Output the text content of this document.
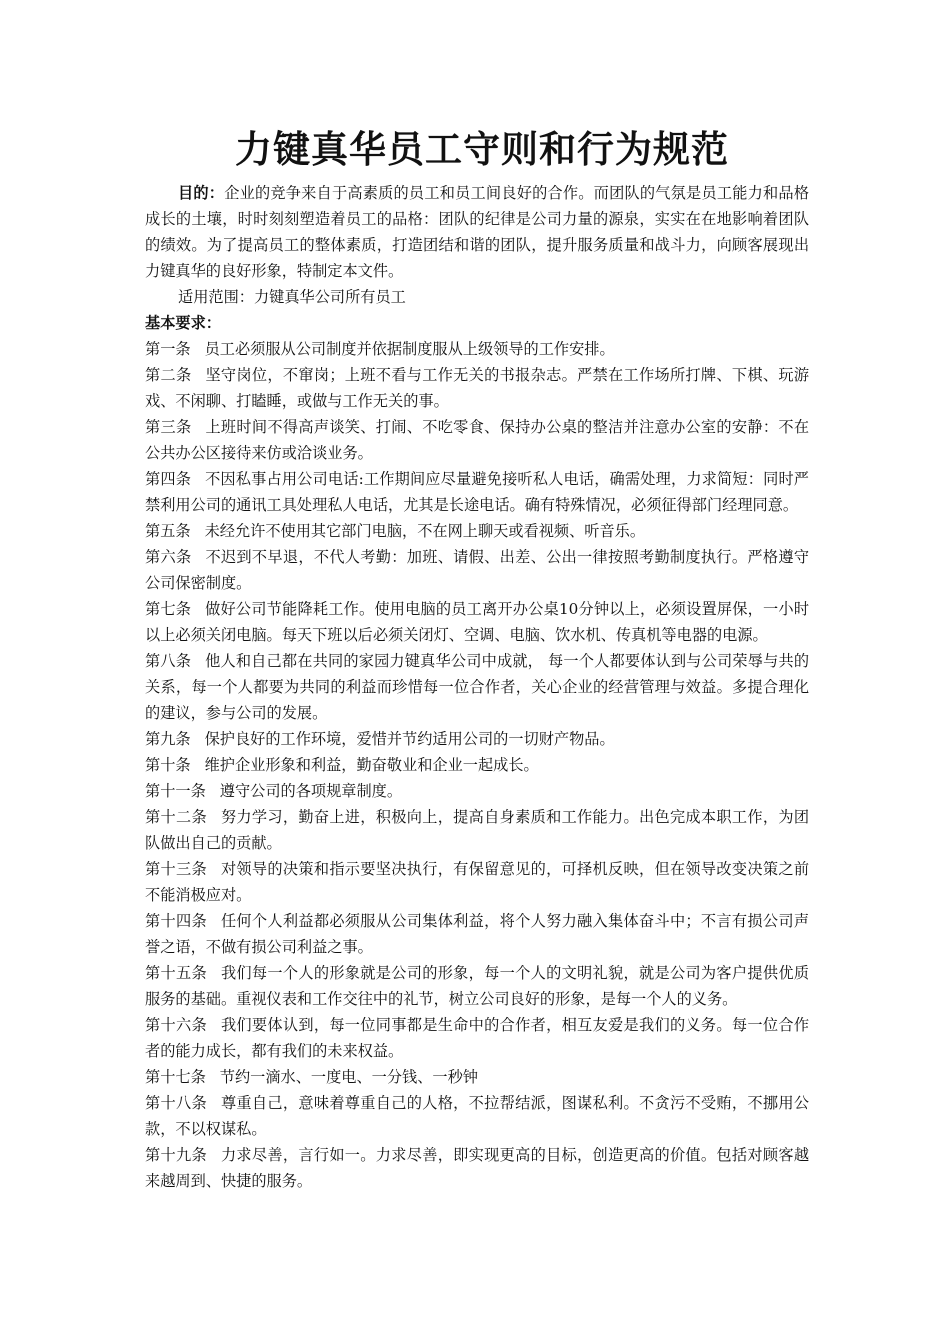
力键真华员工守则和行为规范

目的：企业的竞争来自于高素质的员工和员工间良好的合作。而团队的气氛是员工能力和品格成长的土壤，时时刻刻塑造着员工的品格：团队的纪律是公司力量的源泉，实实在在地影响着团队的绩效。为了提高员工的整体素质，打造团结和谐的团队，提升服务质量和战斗力，向顾客展现出力键真华的良好形象，特制定本文件。

适用范围：力键真华公司所有员工

基本要求：

第一条 员工必须服从公司制度并依据制度服从上级领导的工作安排。

第二条 坚守岗位，不窜岗；上班不看与工作无关的书报杂志。严禁在工作场所打牌、下棋、玩游戏、不闲聊、打瞌睡，或做与工作无关的事。

第三条 上班时间不得高声谈笑、打闹、不吃零食、保持办公桌的整洁并注意办公室的安静：不在公共办公区接待来仿或洽谈业务。

第四条 不因私事占用公司电话:工作期间应尽量避免接听私人电话，确需处理，力求简短：同时严禁利用公司的通讯工具处理私人电话，尤其是长途电话。确有特殊情况，必须征得部门经理同意。

第五条 未经允许不使用其它部门电脑，不在网上聊天或看视频、听音乐。

第六条 不迟到不早退，不代人考勤：加班、请假、出差、公出一律按照考勤制度执行。严格遵守公司保密制度。

第七条 做好公司节能降耗工作。使用电脑的员工离开办公桌10分钟以上，必须设置屏保，一小时以上必须关闭电脑。每天下班以后必须关闭灯、空调、电脑、饮水机、传真机等电器的电源。

第八条 他人和自己都在共同的家园力键真华公司中成就， 每一个人都要体认到与公司荣辱与共的关系，每一个人都要为共同的利益而珍惜每一位合作者，关心企业的经营管理与效益。多提合理化的建议，参与公司的发展。

第九条 保护良好的工作环境，爱惜并节约适用公司的一切财产物品。

第十条 维护企业形象和利益，勤奋敬业和企业一起成长。

第十一条 遵守公司的各项规章制度。

第十二条 努力学习，勤奋上进，积极向上，提高自身素质和工作能力。出色完成本职工作，为团队做出自己的贡献。

第十三条 对领导的决策和指示要坚决执行，有保留意见的，可择机反映，但在领导改变决策之前不能消极应对。

第十四条 任何个人利益都必须服从公司集体利益，将个人努力融入集体奋斗中；不言有损公司声誉之语，不做有损公司利益之事。

第十五条 我们每一个人的形象就是公司的形象，每一个人的文明礼貌，就是公司为客户提供优质服务的基础。重视仪表和工作交往中的礼节，树立公司良好的形象，是每一个人的义务。

第十六条 我们要体认到，每一位同事都是生命中的合作者，相互友爱是我们的义务。每一位合作者的能力成长，都有我们的未来权益。

第十七条 节约一滴水、一度电、一分钱、一秒钟

第十八条 尊重自己，意味着尊重自己的人格，不拉帮结派，图谋私利。不贪污不受贿，不挪用公款，不以权谋私。

第十九条 力求尽善，言行如一。力求尽善，即实现更高的目标，创造更高的价值。包括对顾客越来越周到、快捷的服务。
